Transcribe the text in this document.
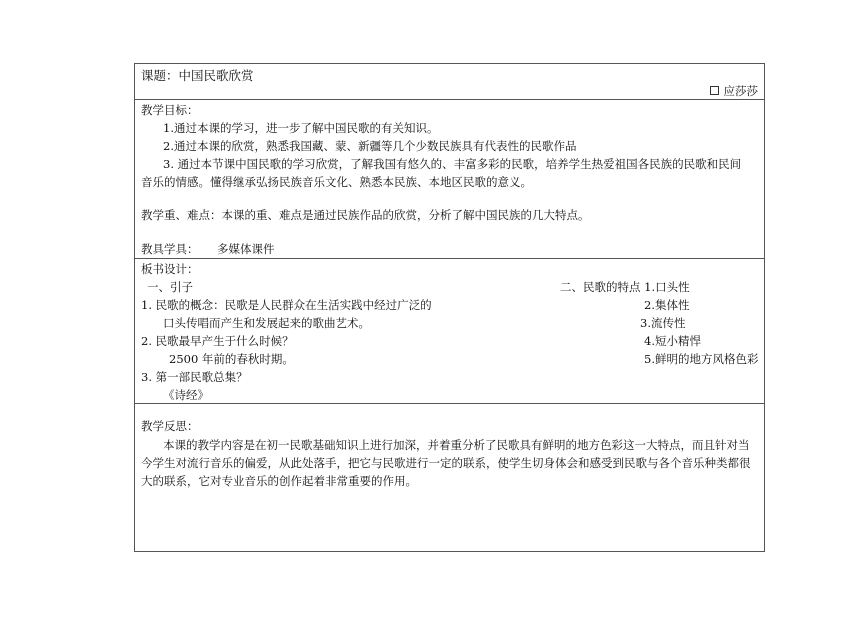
课题：中国民歌欣赏
应莎莎
教学目标：
1.通过本课的学习，进一步了解中国民歌的有关知识。
2.通过本课的欣赏，熟悉我国藏、蒙、新疆等几个少数民族具有代表性的民歌作品
3. 通过本节课中国民歌的学习欣赏，了解我国有悠久的、丰富多彩的民歌，培养学生热爱祖国各民族的民歌和民间
音乐的情感。懂得继承弘扬民族音乐文化、熟悉本民族、本地区民歌的意义。
教学重、难点：本课的重、难点是通过民族作品的欣赏，分析了解中国民族的几大特点。
教具学具： 多媒体课件
板书设计：
一、引子
1. 民歌的概念：民歌是人民群众在生活实践中经过广泛的
口头传唱而产生和发展起来的歌曲艺术。
2. 民歌最早产生于什么时候？
2500 年前的春秋时期。
3. 第一部民歌总集？
《诗经》
二、民歌的特点 1.口头性
2.集体性
3.流传性
4.短小精悍
5.鲜明的地方风格色彩
教学反思：
本课的教学内容是在初一民歌基础知识上进行加深，并着重分析了民歌具有鲜明的地方色彩这一大特点，而且针对当今学生对流行音乐的偏爱，从此处落手，把它与民歌进行一定的联系，使学生切身体会和感受到民歌与各个音乐种类都很大的联系，它对专业音乐的创作起着非常重要的作用。
